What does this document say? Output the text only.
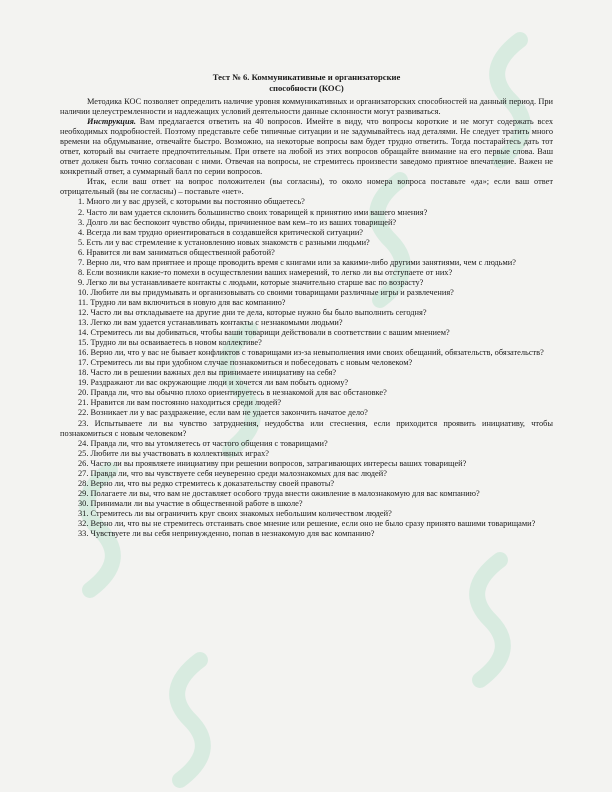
Тест № 6. Коммуникативные и организаторские

способности (КОС)

Методика КОС позволяет определить наличие уровня коммуникативных и организаторских способностей на данный период. При наличии целеустремленности и надлежащих условий деятельности данные склонности могут развиваться.

Инструкция. Вам предлагается ответить на 40 вопросов. Имейте в виду, что вопросы короткие и не могут содержать всех необходимых подробностей. Поэтому представьте себе типичные ситуации и не задумывайтесь над деталями. Не следует тратить много времени на обдумывание, отвечайте быстро. Возможно, на некоторые вопросы вам будет трудно ответить. Тогда постарайтесь дать тот ответ, который вы считаете предпочтительным. При ответе на любой из этих вопросов обращайте внимание на его первые слова. Ваш ответ должен быть точно согласован с ними. Отвечая на вопросы, не стремитесь произвести заведомо приятное впечатление. Важен не конкретный ответ, а суммарный балл по серии вопросов.

Итак, если ваш ответ на вопрос положителен (вы согласны), то около номера вопроса поставьте «да»; если ваш ответ отрицательный (вы не согласны) – поставьте «нет».

1. Много ли у вас друзей, с которыми вы постоянно общаетесь?

2. Часто ли вам удается склонить большинство своих товарищей к принятию ими вашего мнения?

3. Долго ли вас беспокоит чувство обиды, причиненное вам кем–то из ваших товарищей?

4. Всегда ли вам трудно ориентироваться в создавшейся критической ситуации?

5. Есть ли у вас стремление к установлению новых знакомств с разными людьми?

6. Нравится ли вам заниматься общественной работой?

7. Верно ли, что вам приятнее и проще проводить время с книгами или за какими-либо другими занятиями, чем с людьми?

8. Если возникли какие-то помехи в осуществлении ваших намерений, то легко ли вы отступаете от них?

9. Легко ли вы устанавливаете контакты с людьми, которые значительно старше вас по возрасту?

10. Любите ли вы придумывать и организовывать со своими товарищами различные игры и развлечения?

11. Трудно ли вам включиться в новую для вас компанию?

12. Часто ли вы откладываете на другие дни те дела, которые нужно бы было выполнить сегодня?

13. Легко ли вам удается устанавливать контакты с незнакомыми людьми?

14. Стремитесь ли вы добиваться, чтобы ваши товарищи действовали в соответствии с вашим мнением?

15. Трудно ли вы осваиваетесь в новом коллективе?

16. Верно ли, что у вас не бывает конфликтов с товарищами из-за невыполнения ими своих обещаний, обязательств, обязательств?

17. Стремитесь ли вы при удобном случае познакомиться и побеседовать с новым человеком?

18. Часто ли в решении важных дел вы принимаете инициативу на себя?

19. Раздражают ли вас окружающие люди и хочется ли вам побыть одному?

20. Правда ли, что вы обычно плохо ориентируетесь в незнакомой для вас обстановке?

21. Нравится ли вам постоянно находиться среди людей?

22. Возникает ли у вас раздражение, если вам не удается закончить начатое дело?

23. Испытываете ли вы чувство затруднения, неудобства или стеснения, если приходится проявить инициативу, чтобы познакомиться с новым человеком?

24. Правда ли, что вы утомляетесь от частого общения с товарищами?

25. Любите ли вы участвовать в коллективных играх?

26. Часто ли вы проявляете инициативу при решении вопросов, затрагивающих интересы ваших товарищей?

27. Правда ли, что вы чувствуете себя неуверенно среди малознакомых для вас людей?

28. Верно ли, что вы редко стремитесь к доказательству своей правоты?

29. Полагаете ли вы, что вам не доставляет особого труда внести оживление в малознакомую для вас компанию?

30. Принимали ли вы участие в общественной работе в школе?

31. Стремитесь ли вы ограничить круг своих знакомых небольшим количеством людей?

32. Верно ли, что вы не стремитесь отстаивать свое мнение или решение, если оно не было сразу принято вашими товарищами?

33. Чувствуете ли вы себя непринужденно, попав в незнакомую для вас компанию?
